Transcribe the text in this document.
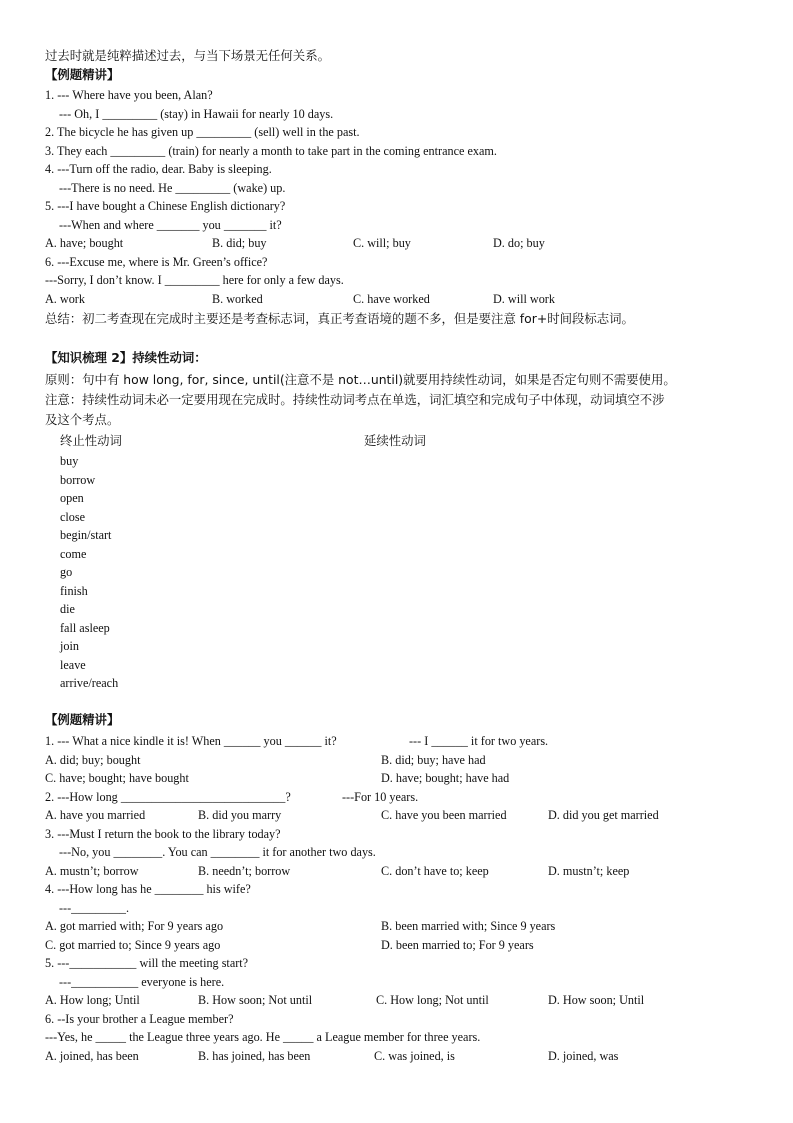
过去时就是纯粹描述过去，与当下场景无任何关系。
【例题精讲】
1. --- Where have you been, Alan?
--- Oh, I _________ (stay) in Hawaii for nearly 10 days.
2. The bicycle he has given up _________ (sell) well in the past.
3. They each _________ (train) for nearly a month to take part in the coming entrance exam.
4. ---Turn off the radio, dear. Baby is sleeping.
---There is no need. He _________ (wake) up.
5. ---I have bought a Chinese English dictionary?
---When and where _______ you _______ it?
A. have; bought	B. did; buy	C. will; buy	D. do; buy
6. ---Excuse me, where is Mr. Green’s office?
---Sorry, I don’t know. I _________ here for only a few days.
A. work	B. worked	C. have worked	D. will work
总结：初二考查现在完成时主要还是考查标志词，真正考查语境的题不多，但是要注意 for+时间段标志词。
【知识梳理 2】持续性动词：
原则：句中有 how long, for, since, until(注意不是 not…until)就要用持续性动词，如果是否定句则不需要使用。
注意：持续性动词未必一定要用现在完成时。持续性动词考点在单选，词汇填空和完成句子中体现，动词填空不涉
及这个考点。
终止性动词	延续性动词
buy
borrow
open
close
begin/start
come
go
finish
die
fall asleep
join
leave
arrive/reach
【例题精讲】
1. --- What a nice kindle it is! When ______ you ______ it?	--- I ______ it for two years.
A. did; buy; bought	B. did; buy; have had
C. have; bought; have bought	D. have; bought; have had
2. ---How long ___________________________?	---For 10 years.
A. have you married	B. did you marry	C. have you been married	D. did you get married
3. ---Must I return the book to the library today?
---No, you ________. You can ________ it for another two days.
A. mustn’t; borrow	B. needn’t; borrow	C. don’t have to; keep	D. mustn’t; keep
4. ---How long has he ________ his wife?
---_________.
A. got married with; For 9 years ago	B. been married with; Since 9 years
C. got married to; Since 9 years ago	D. been married to; For 9 years
5. ---___________ will the meeting start?
---___________ everyone is here.
A. How long; Until	B. How soon; Not until	C. How long; Not until	D. How soon; Until
6. --Is your brother a League member?
---Yes, he _____ the League three years ago. He _____ a League member for three years.
A. joined, has been	B. has joined, has been	C. was joined, is	D. joined, was
